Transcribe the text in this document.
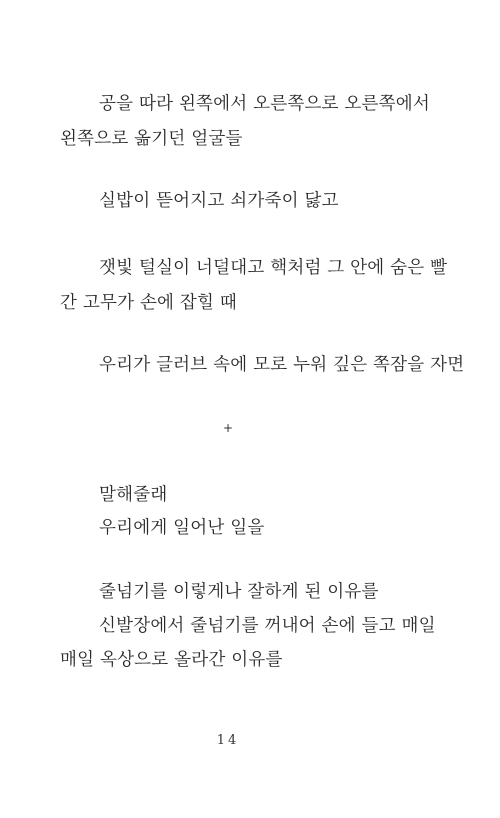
공을 따라 왼쪽에서 오른쪽으로 오른쪽에서
왼쪽으로 옮기던 얼굴들
실밥이 뜯어지고 쇠가죽이 닳고
잿빛 털실이 너덜대고 핵처럼 그 안에 숨은 빨
간 고무가 손에 잡힐 때
우리가 글러브 속에 모로 누워 깊은 쪽잠을 자면
+
말해줄래
우리에게 일어난 일을
줄넘기를 이렇게나 잘하게 된 이유를
신발장에서 줄넘기를 꺼내어 손에 들고 매일
매일 옥상으로 올라간 이유를
14
